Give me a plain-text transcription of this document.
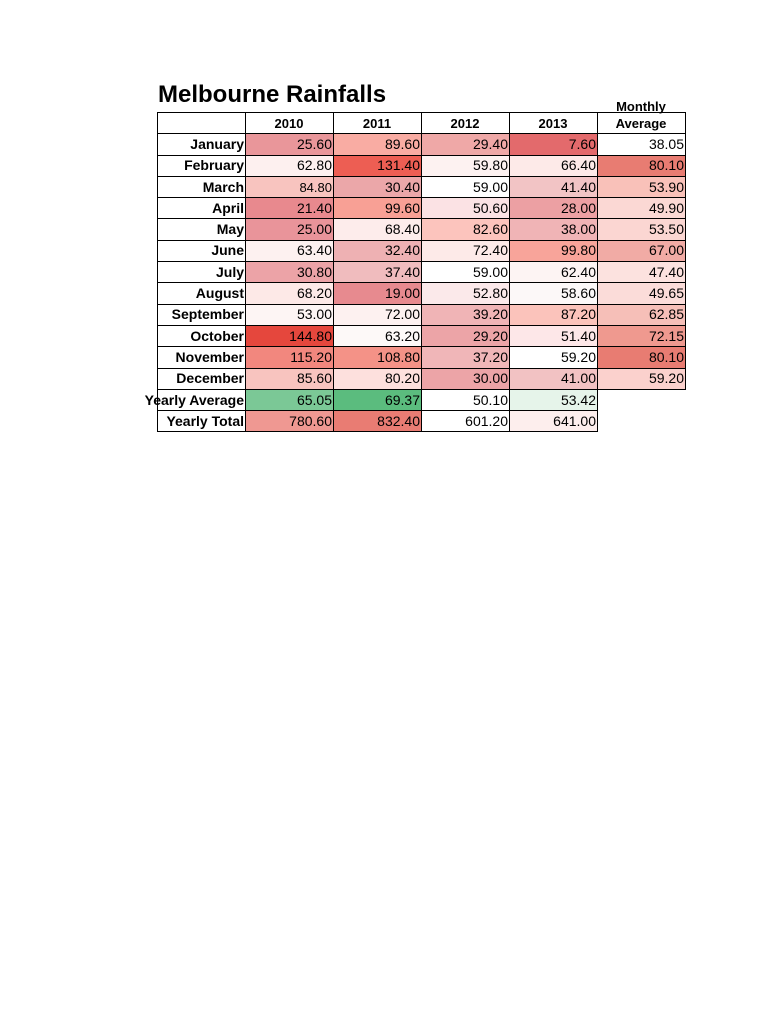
Melbourne Rainfalls	Monthly
	2010	2011	2012	2013	Average
January	25.60	89.60	29.40	7.60	38.05
February	62.80	131.40	59.80	66.40	80.10
March	84.80	30.40	59.00	41.40	53.90
April	21.40	99.60	50.60	28.00	49.90
May	25.00	68.40	82.60	38.00	53.50
June	63.40	32.40	72.40	99.80	67.00
July	30.80	37.40	59.00	62.40	47.40
August	68.20	19.00	52.80	58.60	49.65
September	53.00	72.00	39.20	87.20	62.85
October	144.80	63.20	29.20	51.40	72.15
November	115.20	108.80	37.20	59.20	80.10
December	85.60	80.20	30.00	41.00	59.20
Yearly Average	65.05	69.37	50.10	53.42	
Yearly Total	780.60	832.40	601.20	641.00	
